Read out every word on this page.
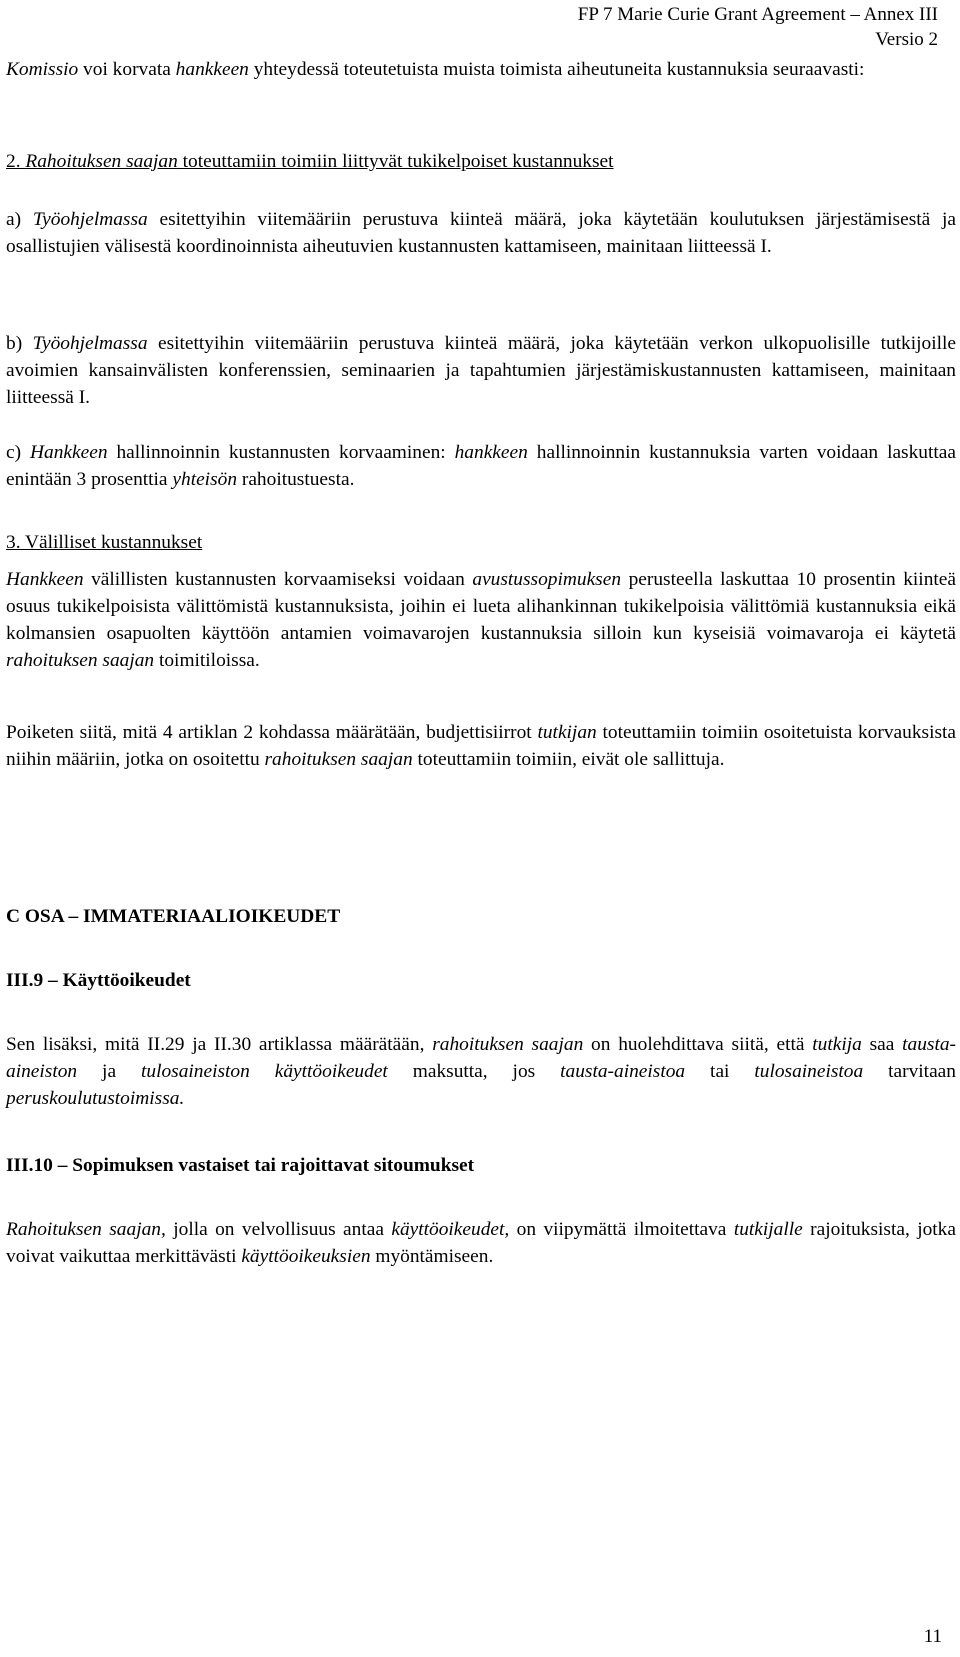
FP 7 Marie Curie Grant Agreement – Annex III
Versio 2
Komissio voi korvata hankkeen yhteydessä toteutetuista muista toimista aiheutuneita kustannuksia seuraavasti:
2. Rahoituksen saajan toteuttamiin toimiin liittyvät tukikelpoiset kustannukset
a) Työohjelmassa esitettyihin viitemääriin perustuva kiinteä määrä, joka käytetään koulutuksen järjestämisestä ja osallistujien välisestä koordinoinnista aiheutuvien kustannusten kattamiseen, mainitaan liitteessä I.
b) Työohjelmassa esitettyihin viitemääriin perustuva kiinteä määrä, joka käytetään verkon ulkopuolisille tutkijoille avoimien kansainvälisten konferenssien, seminaarien ja tapahtumien järjestämiskustannusten kattamiseen, mainitaan liitteessä I.
c) Hankkeen hallinnoinnin kustannusten korvaaminen: hankkeen hallinnoinnin kustannuksia varten voidaan laskuttaa enintään 3 prosenttia yhteisön rahoitustuesta.
3. Välilliset kustannukset
Hankkeen välillisten kustannusten korvaamiseksi voidaan avustussopimuksen perusteella laskuttaa 10 prosentin kiinteä osuus tukikelpoisista välittömistä kustannuksista, joihin ei lueta alihankinnan tukikelpoisia välittömiä kustannuksia eikä kolmansien osapuolten käyttöön antamien voimavarojen kustannuksia silloin kun kyseisiä voimavaroja ei käytetä rahoituksen saajan toimitiloissa.
Poiketen siitä, mitä 4 artiklan 2 kohdassa määrätään, budjettisiirrot tutkijan toteuttamiin toimiin osoitetuista korvauksista niihin määriin, jotka on osoitettu rahoituksen saajan toteuttamiin toimiin, eivät ole sallittuja.
C OSA – IMMATERIAALIOIKEUDET
III.9 – Käyttöoikeudet
Sen lisäksi, mitä II.29 ja II.30 artiklassa määrätään, rahoituksen saajan on huolehdittava siitä, että tutkija saa tausta-aineiston ja tulosaineiston käyttöoikeudet maksutta, jos tausta-aineistoa tai tulosaineistoa tarvitaan peruskoulutustoimissa.
III.10 – Sopimuksen vastaiset tai rajoittavat sitoumukset
Rahoituksen saajan, jolla on velvollisuus antaa käyttöoikeudet, on viipymättä ilmoitettava tutkijalle rajoituksista, jotka voivat vaikuttaa merkittävästi käyttöoikeuksien myöntämiseen.
11
